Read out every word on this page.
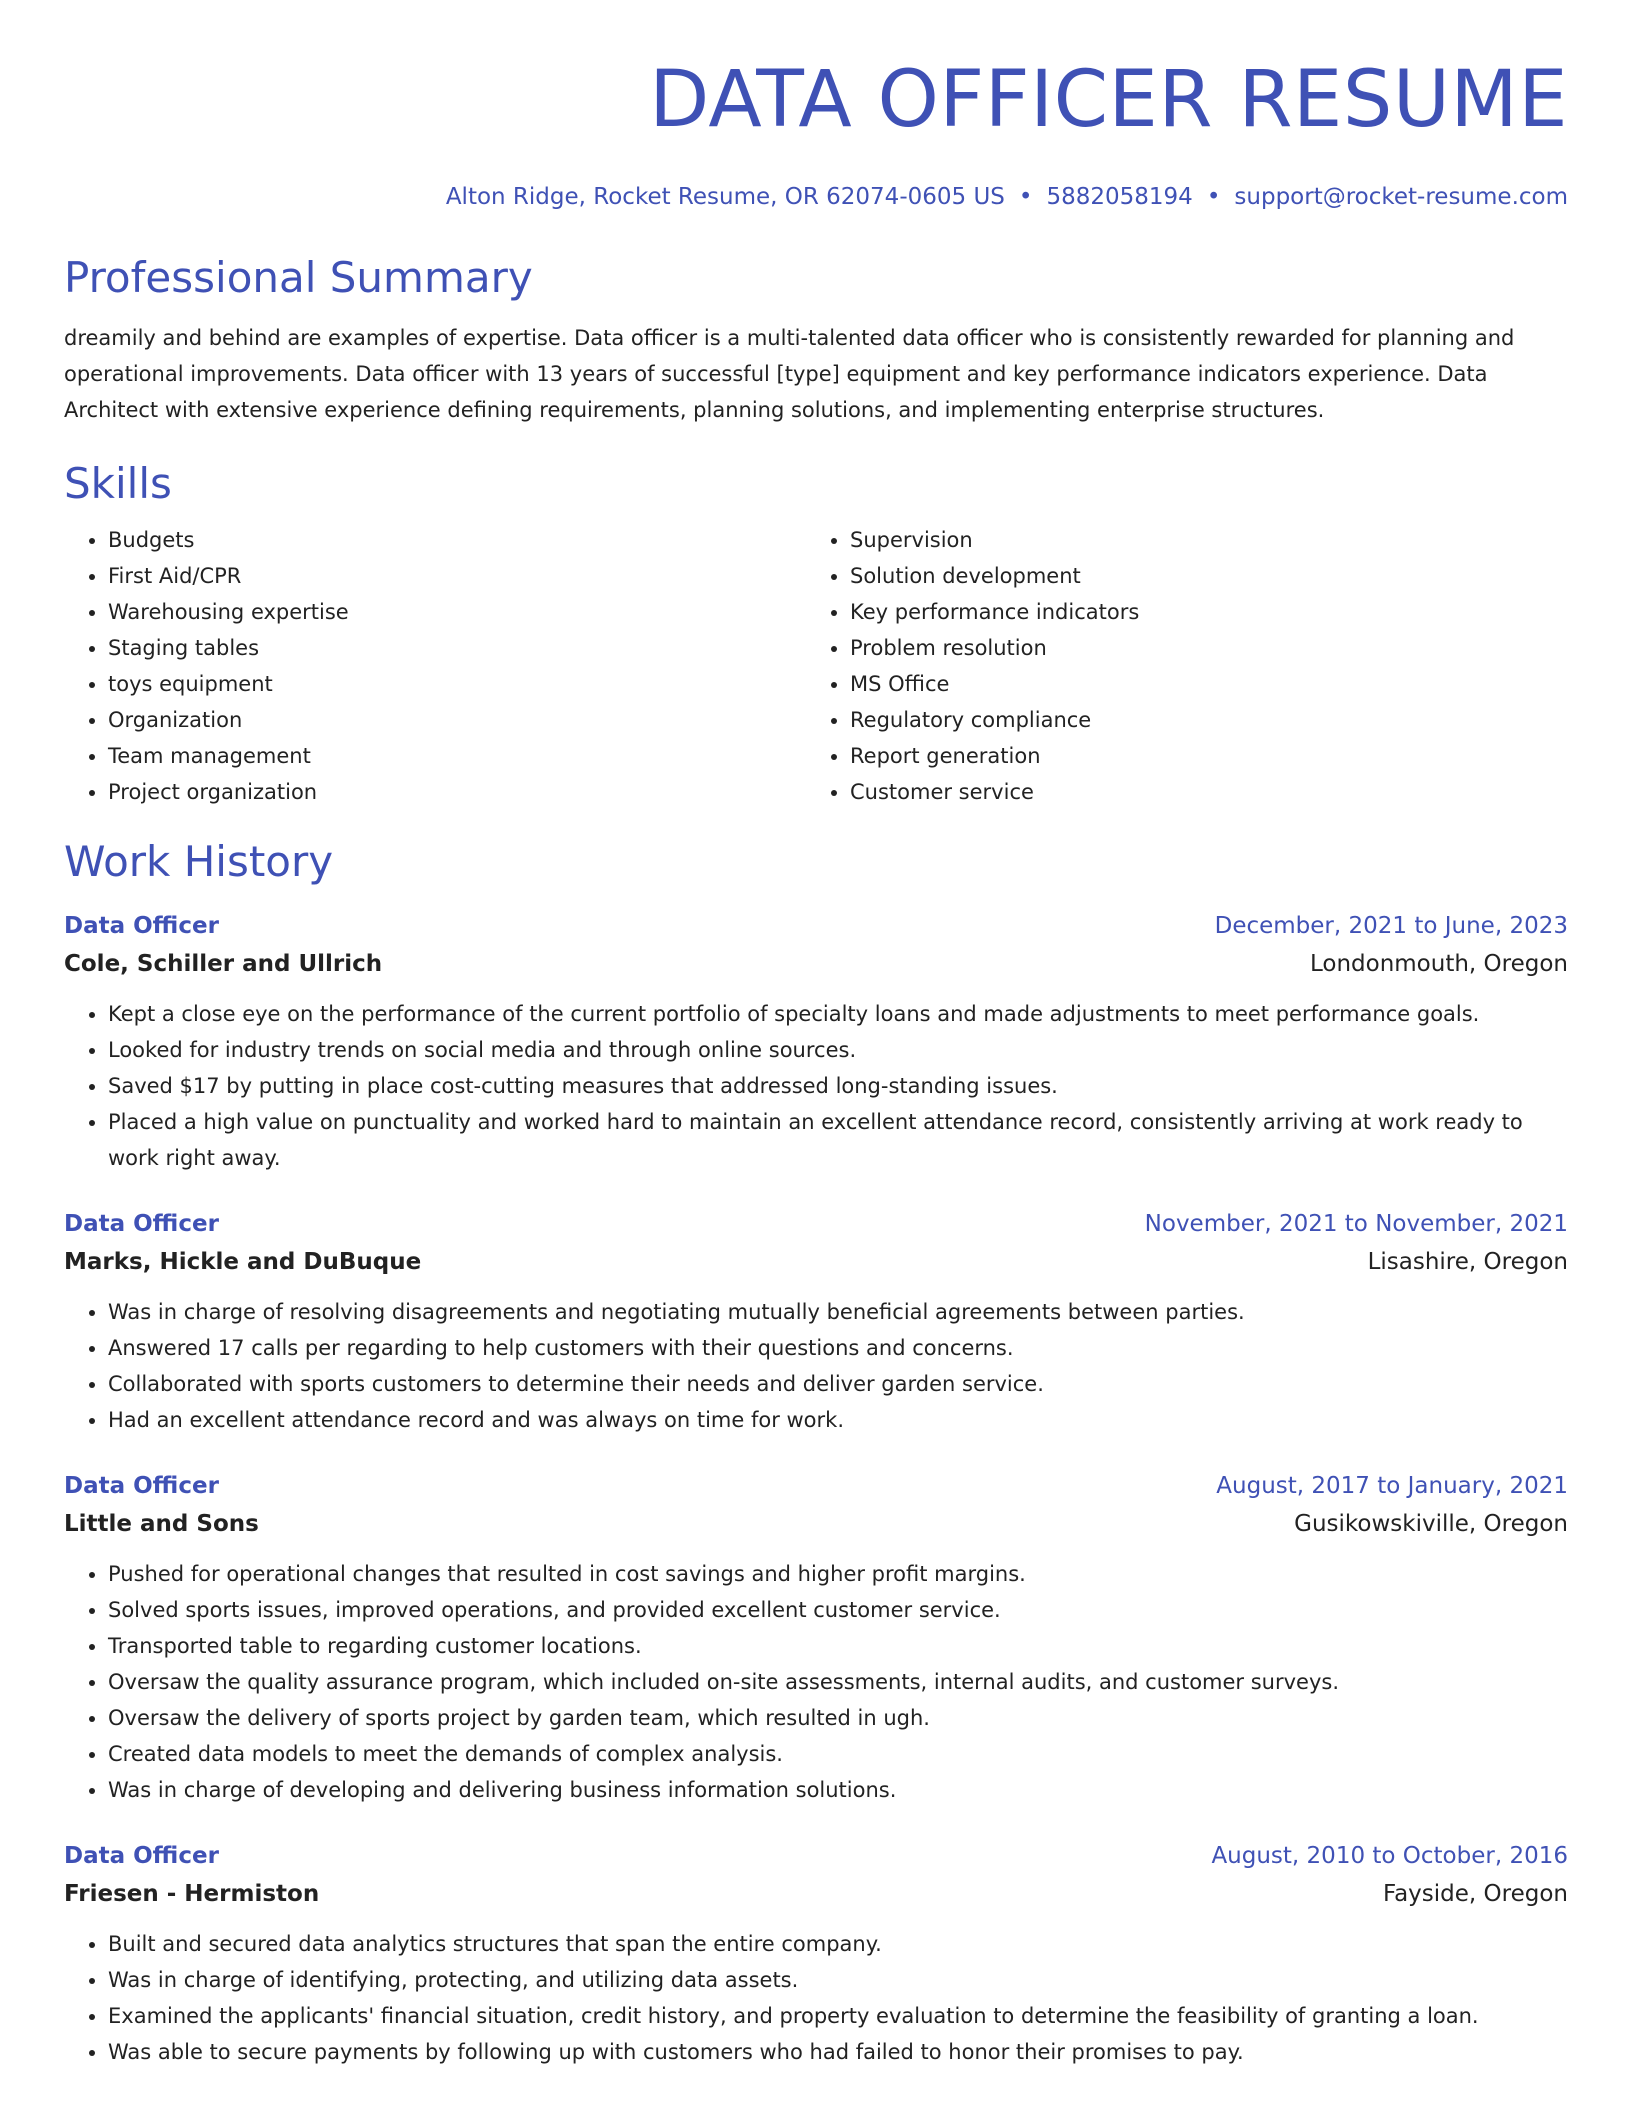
DATA OFFICER RESUME
Alton Ridge, Rocket Resume, OR 62074-0605 US • 5882058194 • support@rocket-resume.com
Professional Summary

dreamily and behind are examples of expertise. Data officer is a multi-talented data officer who is consistently rewarded for planning and operational improvements. Data officer with 13 years of successful [type] equipment and key performance indicators experience. Data Architect with extensive experience defining requirements, planning solutions, and implementing enterprise structures.

Skills
• Budgets
• First Aid/CPR
• Warehousing expertise
• Staging tables
• toys equipment
• Organization
• Team management
• Project organization
• Supervision
• Solution development
• Key performance indicators
• Problem resolution
• MS Office
• Regulatory compliance
• Report generation
• Customer service
Work History
Data Officer	December, 2021 to June, 2023
Cole, Schiller and Ullrich	Londonmouth, Oregon
• Kept a close eye on the performance of the current portfolio of specialty loans and made adjustments to meet performance goals.
• Looked for industry trends on social media and through online sources.
• Saved $17 by putting in place cost-cutting measures that addressed long-standing issues.
• Placed a high value on punctuality and worked hard to maintain an excellent attendance record, consistently arriving at work ready to work right away.
Data Officer	November, 2021 to November, 2021
Marks, Hickle and DuBuque	Lisashire, Oregon
• Was in charge of resolving disagreements and negotiating mutually beneficial agreements between parties.
• Answered 17 calls per regarding to help customers with their questions and concerns.
• Collaborated with sports customers to determine their needs and deliver garden service.
• Had an excellent attendance record and was always on time for work.
Data Officer	August, 2017 to January, 2021
Little and Sons	Gusikowskiville, Oregon
• Pushed for operational changes that resulted in cost savings and higher profit margins.
• Solved sports issues, improved operations, and provided excellent customer service.
• Transported table to regarding customer locations.
• Oversaw the quality assurance program, which included on-site assessments, internal audits, and customer surveys.
• Oversaw the delivery of sports project by garden team, which resulted in ugh.
• Created data models to meet the demands of complex analysis.
• Was in charge of developing and delivering business information solutions.
Data Officer	August, 2010 to October, 2016
Friesen - Hermiston	Fayside, Oregon
• Built and secured data analytics structures that span the entire company.
• Was in charge of identifying, protecting, and utilizing data assets.
• Examined the applicants' financial situation, credit history, and property evaluation to determine the feasibility of granting a loan.
• Was able to secure payments by following up with customers who had failed to honor their promises to pay.
